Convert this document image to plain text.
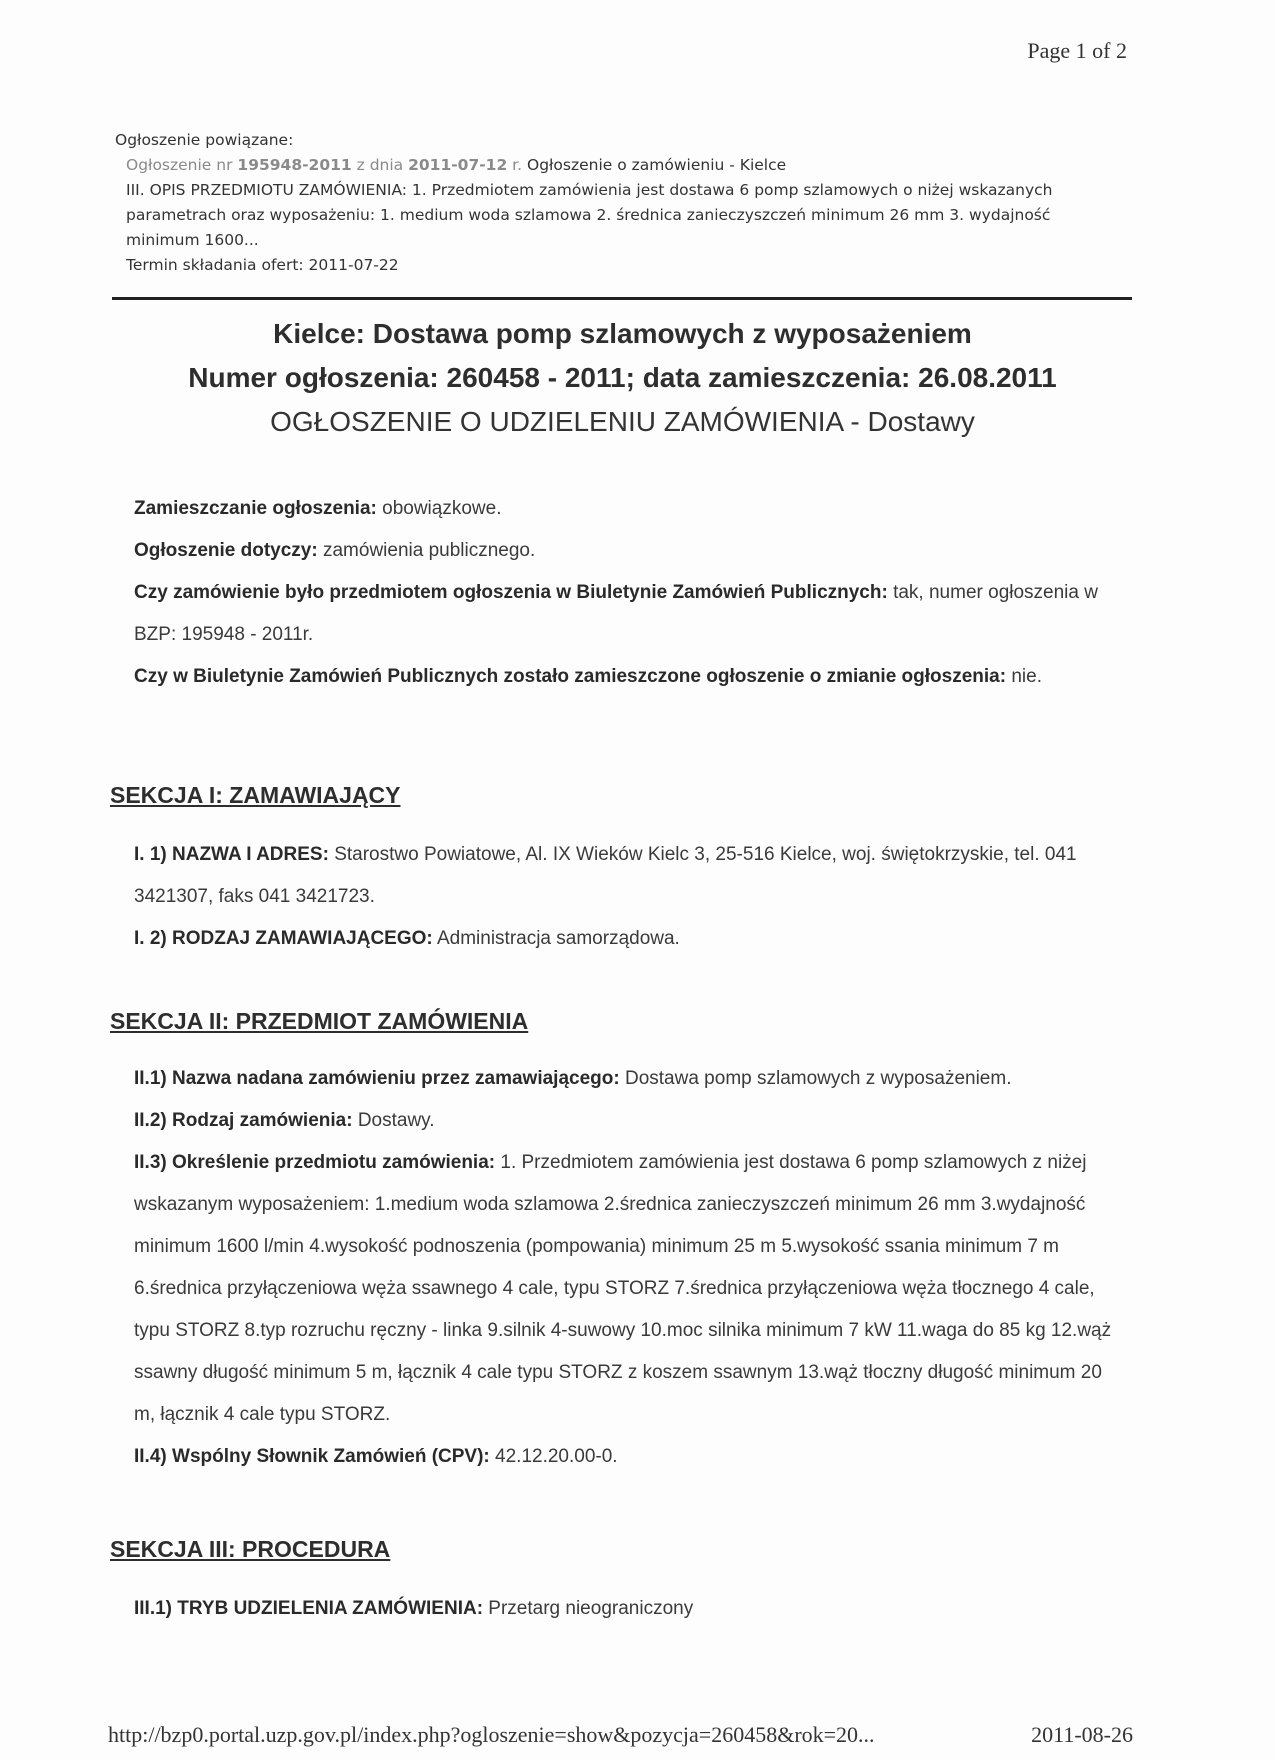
Page 1 of 2
Ogłoszenie powiązane:
Ogłoszenie nr 195948-2011 z dnia 2011-07-12 r. Ogłoszenie o zamówieniu - Kielce
III. OPIS PRZEDMIOTU ZAMÓWIENIA: 1. Przedmiotem zamówienia jest dostawa 6 pomp szlamowych o niżej wskazanych parametrach oraz wyposażeniu: 1. medium woda szlamowa 2. średnica zanieczyszczeń minimum 26 mm 3. wydajność minimum 1600...
Termin składania ofert: 2011-07-22
Kielce: Dostawa pomp szlamowych z wyposażeniem
Numer ogłoszenia: 260458 - 2011; data zamieszczenia: 26.08.2011
OGŁOSZENIE O UDZIELENIU ZAMÓWIENIA - Dostawy

Zamieszczanie ogłoszenia: obowiązkowe.

Ogłoszenie dotyczy: zamówienia publicznego.

Czy zamówienie było przedmiotem ogłoszenia w Biuletynie Zamówień Publicznych: tak, numer ogłoszenia w BZP: 195948 - 2011r.

Czy w Biuletynie Zamówień Publicznych zostało zamieszczone ogłoszenie o zmianie ogłoszenia: nie.

SEKCJA I: ZAMAWIAJĄCY

I. 1) NAZWA I ADRES: Starostwo Powiatowe, Al. IX Wieków Kielc 3, 25-516 Kielce, woj. świętokrzyskie, tel. 041 3421307, faks 041 3421723.

I. 2) RODZAJ ZAMAWIAJĄCEGO: Administracja samorządowa.

SEKCJA II: PRZEDMIOT ZAMÓWIENIA

II.1) Nazwa nadana zamówieniu przez zamawiającego: Dostawa pomp szlamowych z wyposażeniem.

II.2) Rodzaj zamówienia: Dostawy.

II.3) Określenie przedmiotu zamówienia: 1. Przedmiotem zamówienia jest dostawa 6 pomp szlamowych z niżej wskazanym wyposażeniem: 1.medium woda szlamowa 2.średnica zanieczyszczeń minimum 26 mm 3.wydajność minimum 1600 l/min 4.wysokość podnoszenia (pompowania) minimum 25 m 5.wysokość ssania minimum 7 m 6.średnica przyłączeniowa węża ssawnego 4 cale, typu STORZ 7.średnica przyłączeniowa węża tłocznego 4 cale, typu STORZ 8.typ rozruchu ręczny - linka 9.silnik 4-suwowy 10.moc silnika minimum 7 kW 11.waga do 85 kg 12.wąż ssawny długość minimum 5 m, łącznik 4 cale typu STORZ z koszem ssawnym 13.wąż tłoczny długość minimum 20 m, łącznik 4 cale typu STORZ.

II.4) Wspólny Słownik Zamówień (CPV): 42.12.20.00-0.

SEKCJA III: PROCEDURA

III.1) TRYB UDZIELENIA ZAMÓWIENIA: Przetarg nieograniczony

http://bzp0.portal.uzp.gov.pl/index.php?ogloszenie=show&pozycja=260458&rok=20...	2011-08-26
